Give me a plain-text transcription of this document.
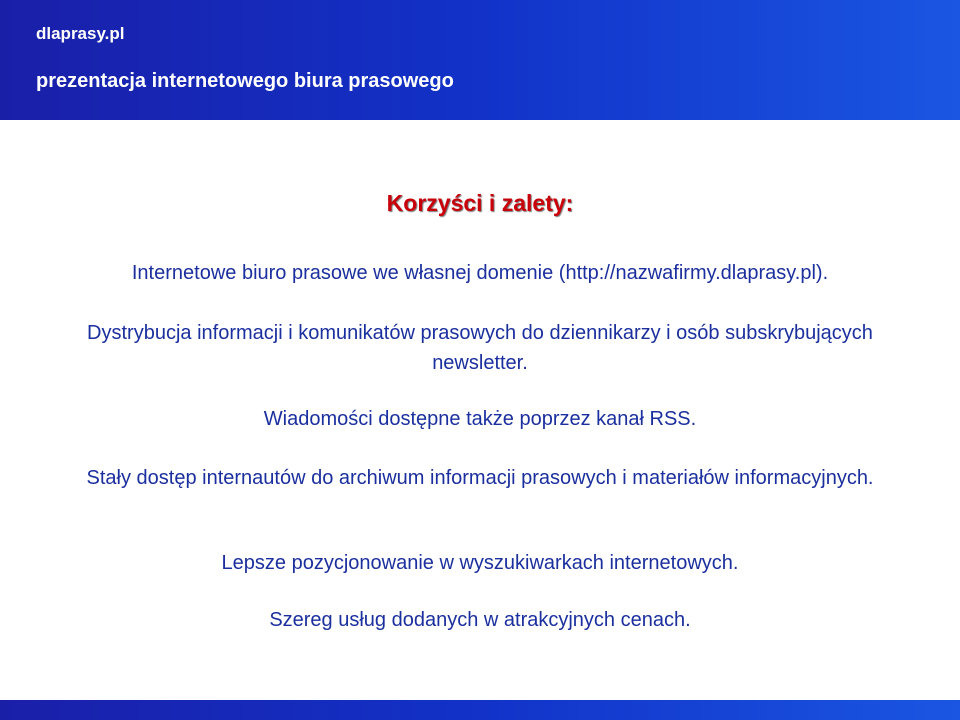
dlaprasy.pl

prezentacja internetowego biura prasowego

Korzyści i zalety:

Internetowe biuro prasowe we własnej domenie (http://nazwafirmy.dlaprasy.pl).

Dystrybucja informacji i komunikatów prasowych do dziennikarzy i osób subskrybujących newsletter.

Wiadomości dostępne także poprzez kanał RSS.

Stały dostęp internautów do archiwum informacji prasowych i materiałów informacyjnych.

Lepsze pozycjonowanie w wyszukiwarkach internetowych.

Szereg usług dodanych w atrakcyjnych cenach.
